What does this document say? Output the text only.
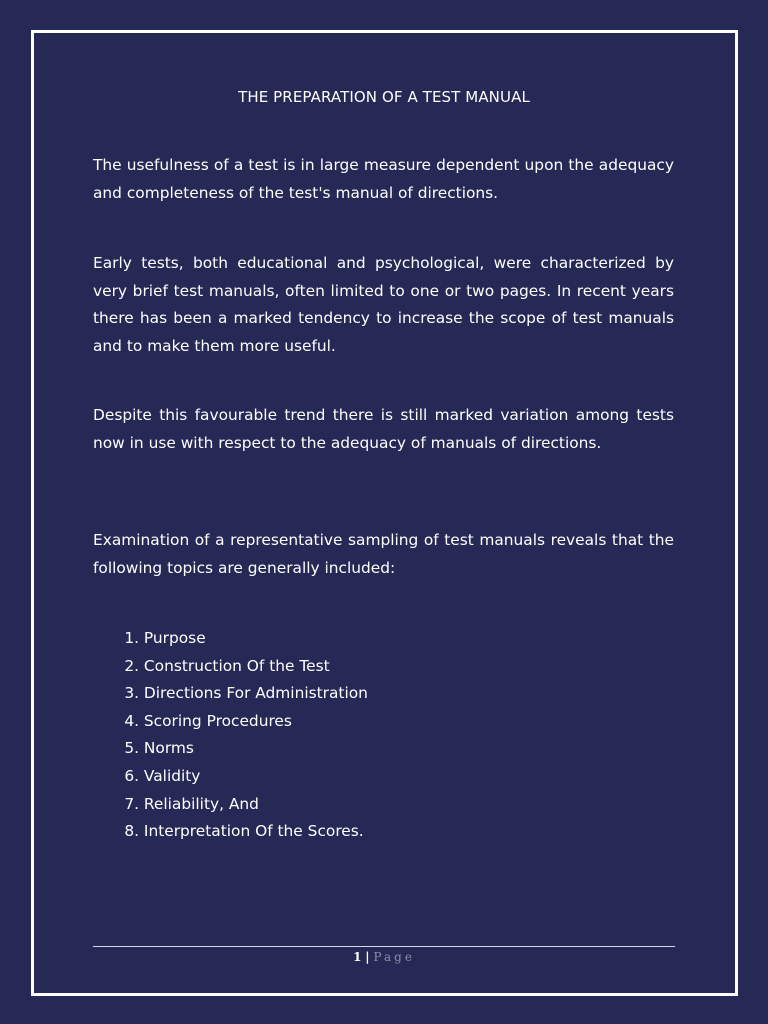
THE PREPARATION OF A TEST MANUAL

The usefulness of a test is in large measure dependent upon the adequacy and completeness of the test's manual of directions.

Early tests, both educational and psychological, were characterized by very brief test manuals, often limited to one or two pages. In recent years there has been a marked tendency to increase the scope of test manuals and to make them more useful.

Despite this favourable trend there is still marked variation among tests now in use with respect to the adequacy of manuals of directions.

Examination of a representative sampling of test manuals reveals that the following topics are generally included:

1.
Purpose
2.
Construction Of the Test
3.
Directions For Administration
4.
Scoring Procedures
5.
Norms
6.
Validity
7.
Reliability, And
8.
Interpretation Of the Scores.
1 | Page
